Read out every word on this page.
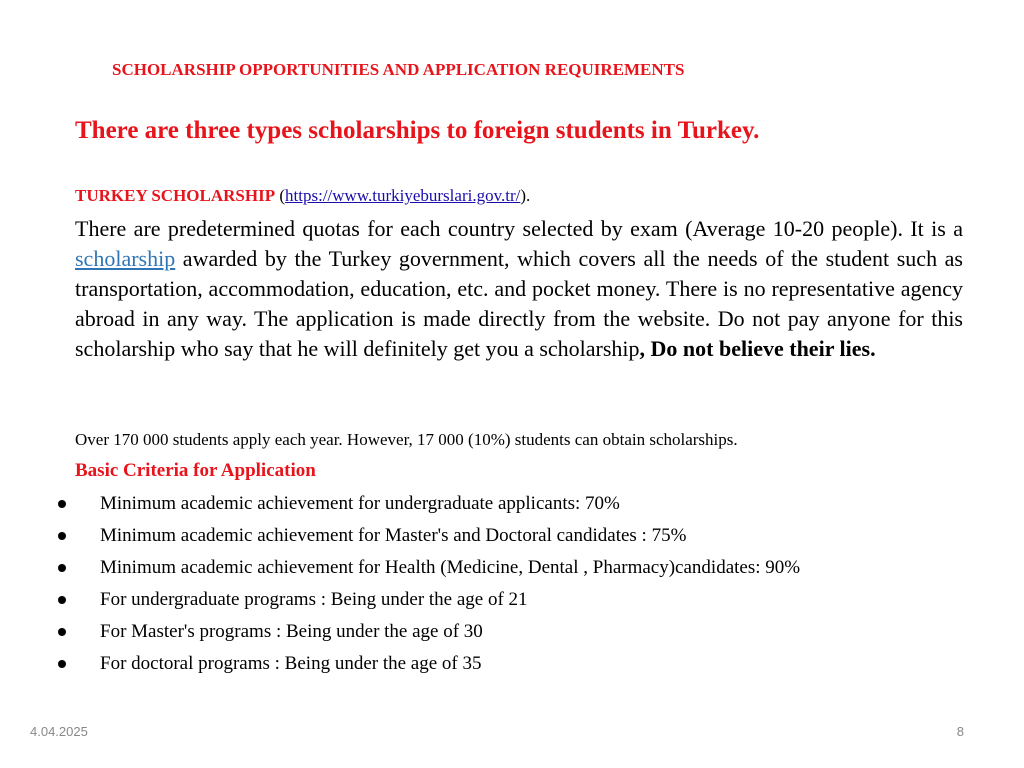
SCHOLARSHIP OPPORTUNITIES AND APPLICATION REQUIREMENTS
There are three types scholarships to foreign students in Turkey.

TURKEY SCHOLARSHIP (https://www.turkiyeburslari.gov.tr/).

There are predetermined quotas for each country selected by exam (Average 10-20 people). It is a scholarship awarded by the Turkey government, which covers all the needs of the student such as transportation, accommodation, education, etc. and pocket money. There is no representative agency abroad in any way. The application is made directly from the website. Do not pay anyone for this scholarship who say that he will definitely get you a scholarship, Do not believe their lies.

Over 170 000 students apply each year. However, 17 000 (10%) students can obtain scholarships.

Basic Criteria for Application
Minimum academic achievement for undergraduate applicants: 70%
Minimum academic achievement for Master's and Doctoral candidates : 75%
Minimum academic achievement for Health (Medicine, Dental , Pharmacy)candidates: 90%
For undergraduate programs : Being under the age of 21
For Master's programs : Being under the age of 30
For doctoral programs : Being under the age of 35
4.04.2025	8
